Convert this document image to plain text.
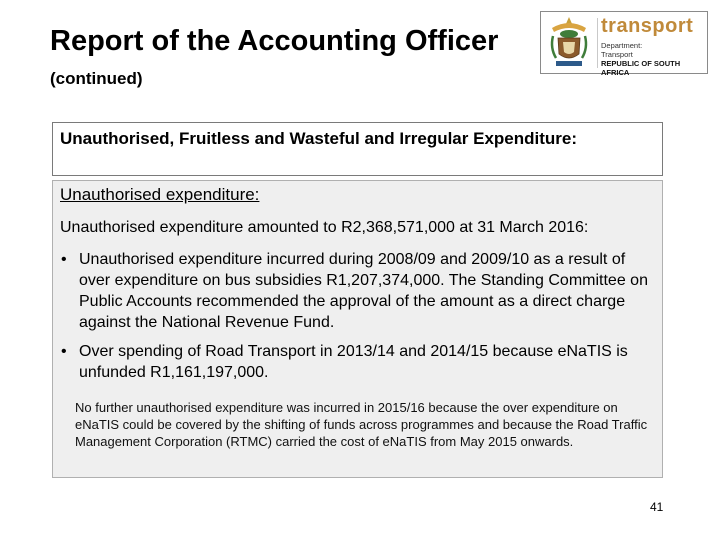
Report of the Accounting Officer (continued)
transport
Department:
Transport
REPUBLIC OF SOUTH AFRICA
Unauthorised, Fruitless and Wasteful and Irregular Expenditure:
Unauthorised expenditure:
Unauthorised expenditure amounted to R2,368,571,000 at 31 March 2016:
• Unauthorised expenditure incurred during 2008/09 and 2009/10 as a result of over expenditure on bus subsidies R1,207,374,000. The Standing Committee on Public Accounts recommended the approval of the amount as a direct charge against the National Revenue Fund.
• Over spending of Road Transport in 2013/14 and 2014/15 because eNaTIS is unfunded R1,161,197,000.
No further unauthorised expenditure was incurred in 2015/16 because the over expenditure on eNaTIS could be covered by the shifting of funds across programmes and because the Road Traffic Management Corporation (RTMC) carried the cost of eNaTIS from May 2015 onwards.
41
